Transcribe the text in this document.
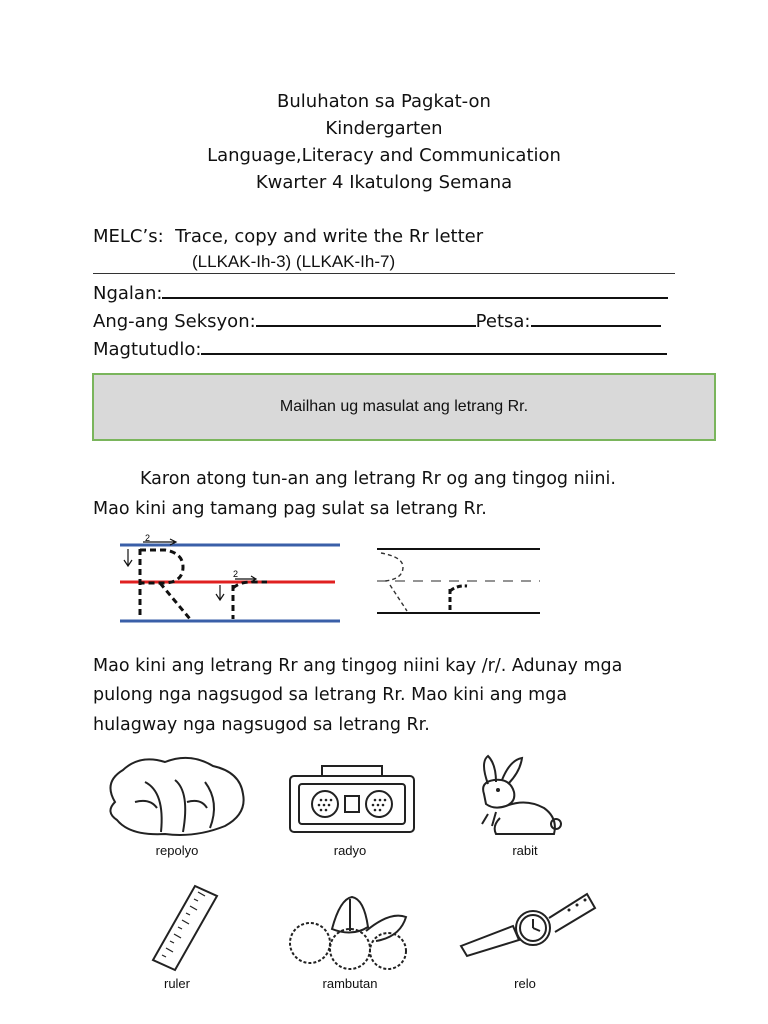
Buluhaton sa Pagkat-on
Kindergarten
Language,Literacy and Communication
Kwarter 4 Ikatulong Semana
MELC’s: Trace, copy and write the Rr letter
(LLKAK-Ih-3) (LLKAK-Ih-7)
Ngalan:
Ang-ang Seksyon:	Petsa:
Magtutudlo:
Mailhan ug masulat ang letrang Rr.
Karon atong tun-an ang letrang Rr og ang tingog niini.
Mao kini ang tamang pag sulat sa letrang Rr.
2
2
Mao kini ang letrang Rr ang tingog niini kay /r/. Adunay mga
pulong nga nagsugod sa letrang Rr. Mao kini ang mga
hulagway nga nagsugod sa letrang Rr.
repolyo	radyo	rabit
ruler	rambutan	relo
